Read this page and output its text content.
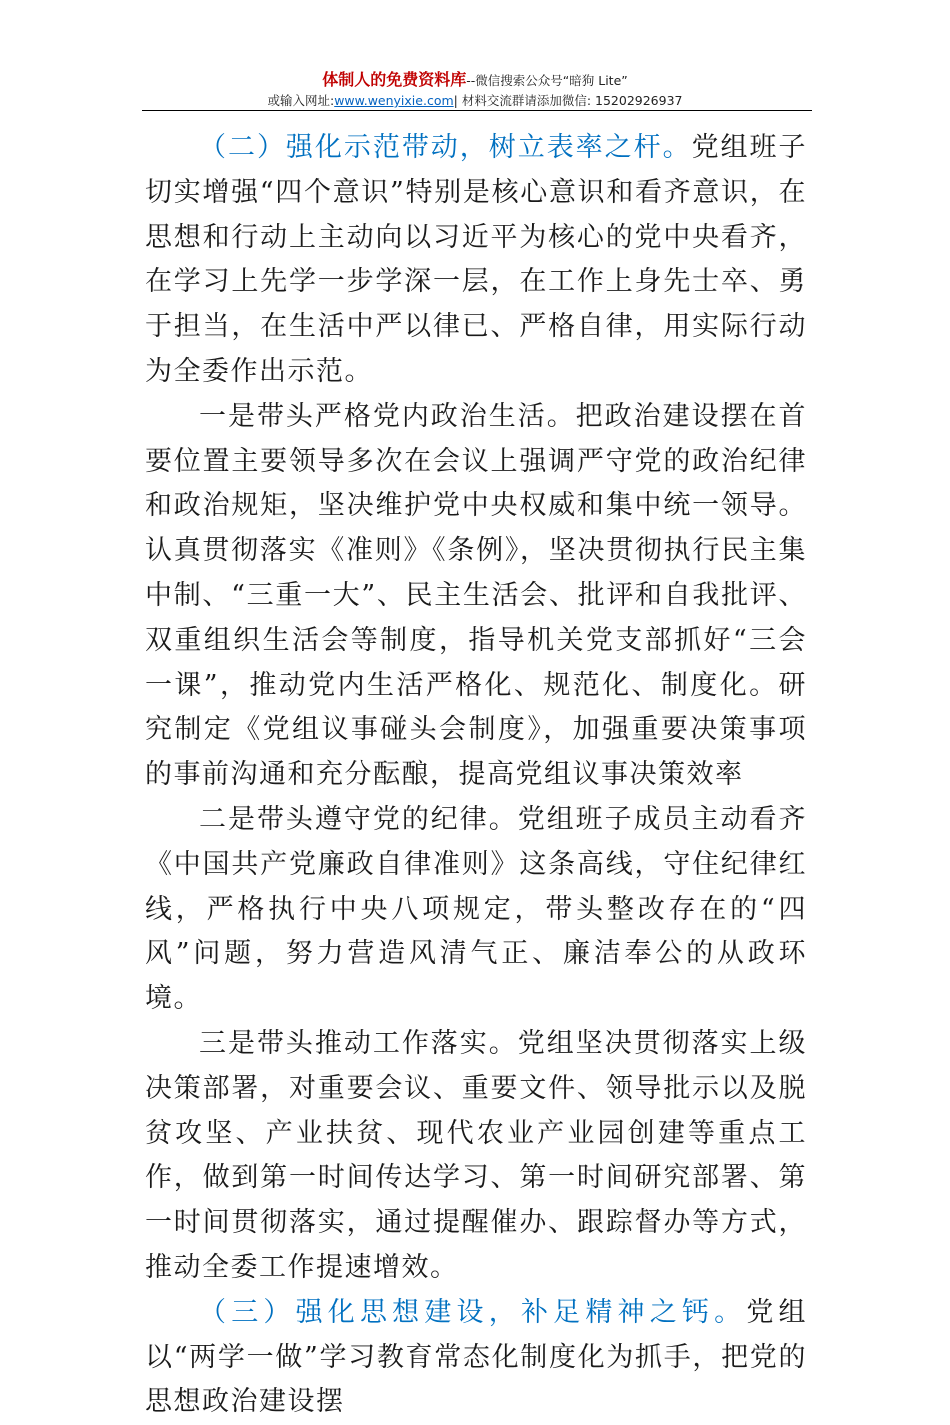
体制人的免费资料库--微信搜索公众号“暗狗 Lite”
或输入网址:www.wenyixie.com| 材料交流群请添加微信: 15202926937

（二）强化示范带动，树立表率之杆。党组班子切实增强“四个意识”特别是核心意识和看齐意识，在思想和行动上主动向以习近平为核心的党中央看齐，在学习上先学一步学深一层，在工作上身先士卒、勇于担当，在生活中严以律已、严格自律，用实际行动为全委作出示范。

一是带头严格党内政治生活。把政治建设摆在首要位置主要领导多次在会议上强调严守党的政治纪律和政治规矩，坚决维护党中央权威和集中统一领导。认真贯彻落实《准则》《条例》，坚决贯彻执行民主集中制、“三重一大”、民主生活会、批评和自我批评、双重组织生活会等制度，指导机关党支部抓好“三会一课”，推动党内生活严格化、规范化、制度化。研究制定《党组议事碰头会制度》，加强重要决策事项的事前沟通和充分酝酿，提高党组议事决策效率

二是带头遵守党的纪律。党组班子成员主动看齐《中国共产党廉政自律准则》这条高线，守住纪律红线，严格执行中央八项规定，带头整改存在的“四风”问题，努力营造风清气正、廉洁奉公的从政环境。

三是带头推动工作落实。党组坚决贯彻落实上级决策部署，对重要会议、重要文件、领导批示以及脱贫攻坚、产业扶贫、现代农业产业园创建等重点工作，做到第一时间传达学习、第一时间研究部署、第一时间贯彻落实，通过提醒催办、跟踪督办等方式，推动全委工作提速增效。

（三）强化思想建设，补足精神之钙。党组以“两学一做”学习教育常态化制度化为抓手，把党的思想政治建设摆
